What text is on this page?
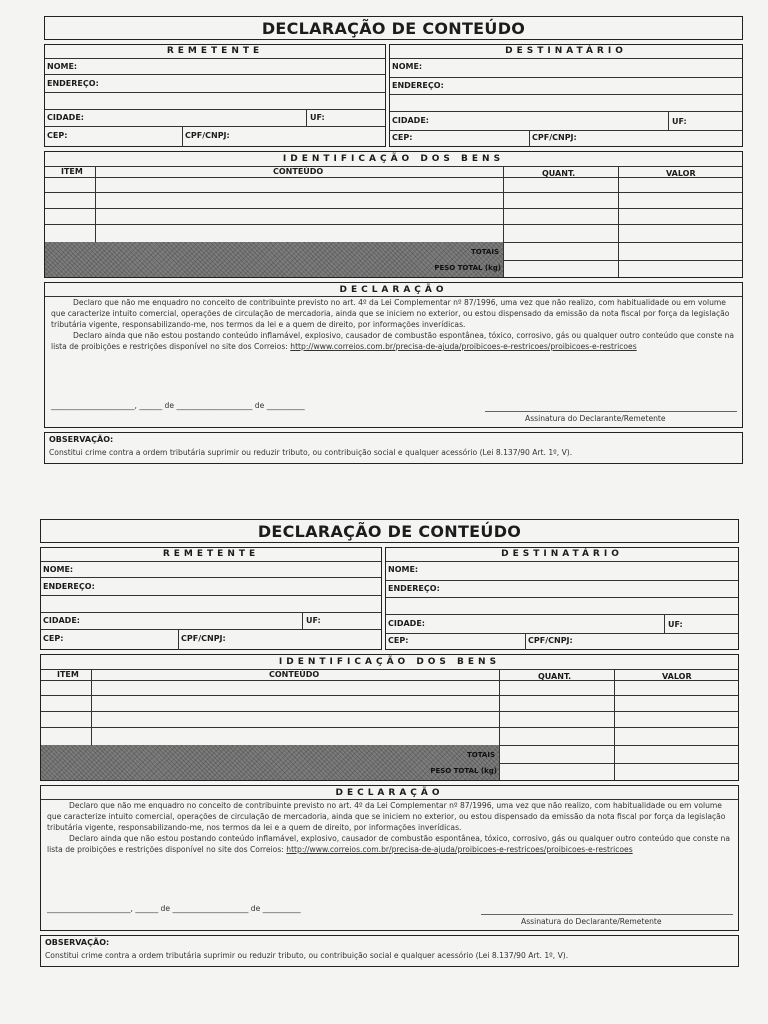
DECLARAÇÃO DE CONTEÚDO
REMETENTE
NOME:
ENDEREÇO:
CIDADE:	UF:
CEP:	CPF/CNPJ:
DESTINATÁRIO
NOME:
ENDEREÇO:
CIDADE:	UF:
CEP:	CPF/CNPJ:
IDENTIFICAÇÃO DOS BENS
ITEM	CONTEÚDO	QUANT.	VALOR
TOTAIS
PESO TOTAL (kg)
DECLARAÇÃO

Declaro que não me enquadro no conceito de contribuinte previsto no art. 4º da Lei Complementar nº 87/1996, uma vez que não realizo, com habitualidade ou em volume que caracterize intuito comercial, operações de circulação de mercadoria, ainda que se iniciem no exterior, ou estou dispensado da emissão da nota fiscal por força da legislação tributária vigente, responsabilizando-me, nos termos da lei e a quem de direito, por informações inverídicas.

Declaro ainda que não estou postando conteúdo inflamável, explosivo, causador de combustão espontânea, tóxico, corrosivo, gás ou qualquer outro conteúdo que conste na lista de proibições e restrições disponível no site dos Correios: http://www.correios.com.br/precisa-de-ajuda/proibicoes-e-restricoes/proibicoes-e-restricoes

______________________, ______ de ____________________ de __________
Assinatura do Declarante/Remetente
OBSERVAÇÃO:
Constitui crime contra a ordem tributária suprimir ou reduzir tributo, ou contribuição social e qualquer acessório (Lei 8.137/90 Art. 1º, V).
DECLARAÇÃO DE CONTEÚDO
REMETENTE
NOME:
ENDEREÇO:
CIDADE:	UF:
CEP:	CPF/CNPJ:
DESTINATÁRIO
NOME:
ENDEREÇO:
CIDADE:	UF:
CEP:	CPF/CNPJ:
IDENTIFICAÇÃO DOS BENS
ITEM	CONTEÚDO	QUANT.	VALOR
TOTAIS
PESO TOTAL (kg)
DECLARAÇÃO

Declaro que não me enquadro no conceito de contribuinte previsto no art. 4º da Lei Complementar nº 87/1996, uma vez que não realizo, com habitualidade ou em volume que caracterize intuito comercial, operações de circulação de mercadoria, ainda que se iniciem no exterior, ou estou dispensado da emissão da nota fiscal por força da legislação tributária vigente, responsabilizando-me, nos termos da lei e a quem de direito, por informações inverídicas.

Declaro ainda que não estou postando conteúdo inflamável, explosivo, causador de combustão espontânea, tóxico, corrosivo, gás ou qualquer outro conteúdo que conste na lista de proibições e restrições disponível no site dos Correios: http://www.correios.com.br/precisa-de-ajuda/proibicoes-e-restricoes/proibicoes-e-restricoes

______________________, ______ de ____________________ de __________
Assinatura do Declarante/Remetente
OBSERVAÇÃO:
Constitui crime contra a ordem tributária suprimir ou reduzir tributo, ou contribuição social e qualquer acessório (Lei 8.137/90 Art. 1º, V).
